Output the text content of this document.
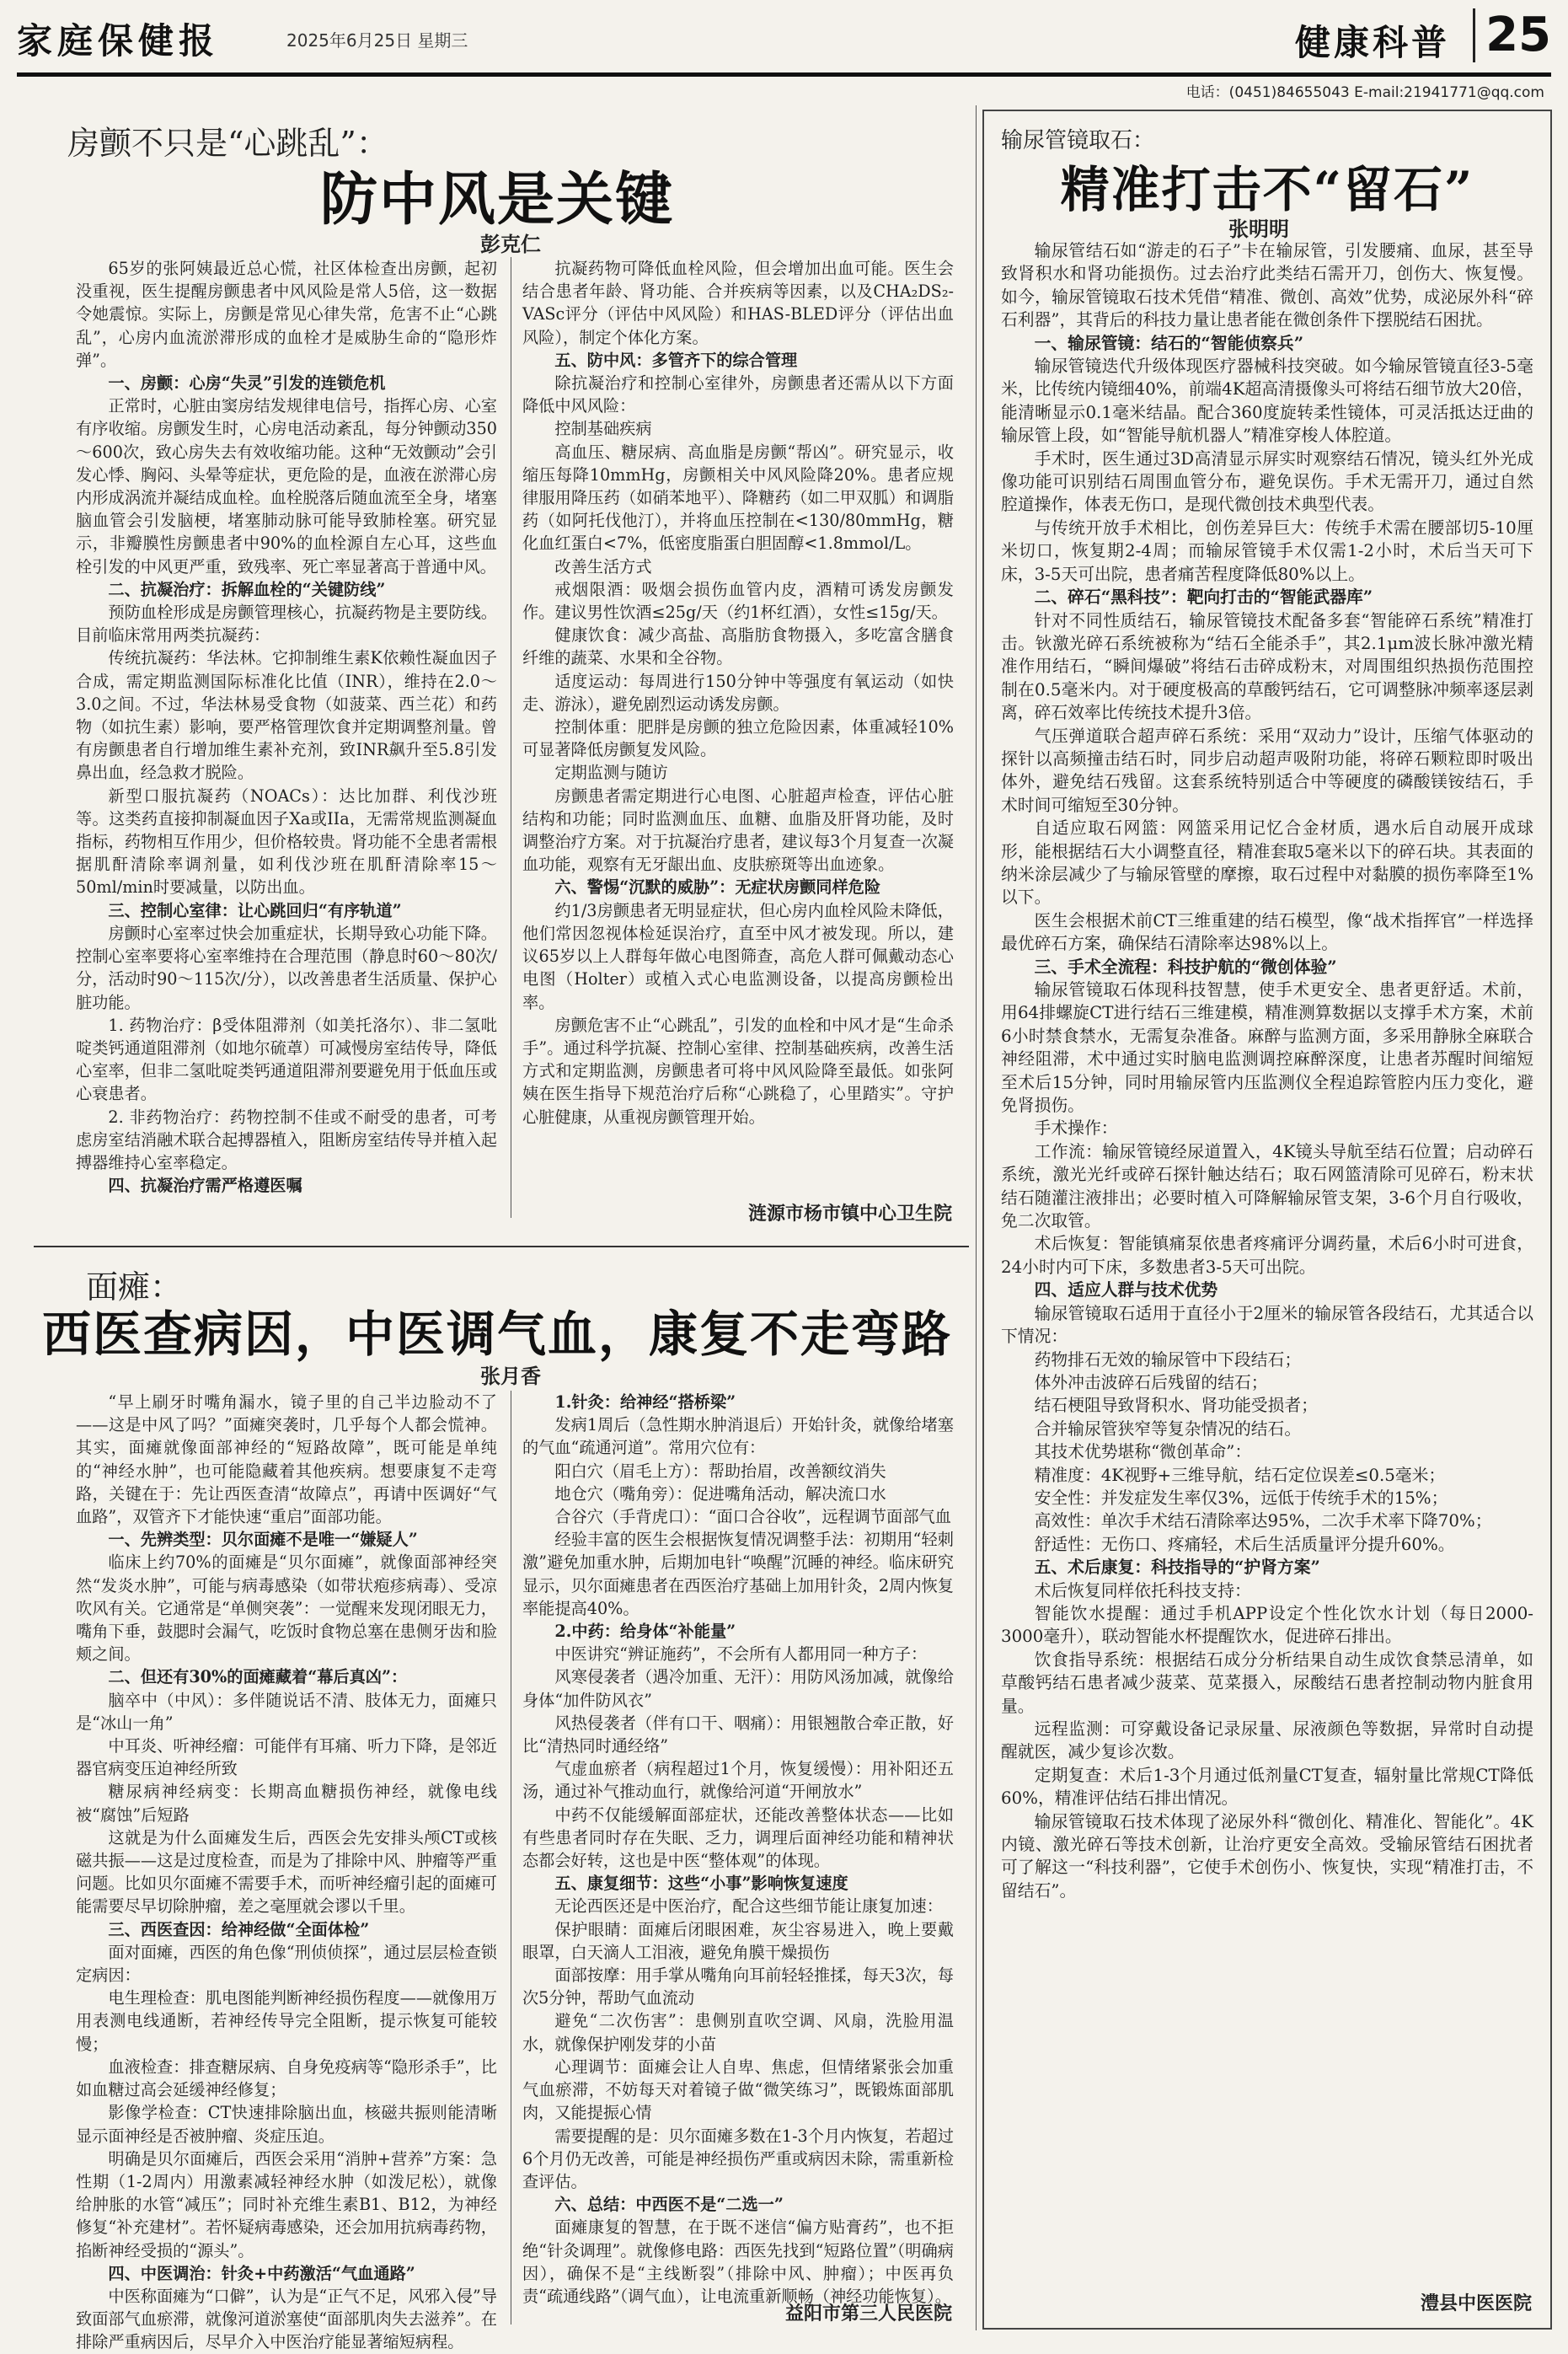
家庭保健报	2025年6月25日 星期三	健康科普 25
电话：(0451)84655043 E-mail:21941771@qq.com
房颤不只是“心跳乱”：
防中风是关键
彭克仁

65岁的张阿姨最近总心慌，社区体检查出房颤，起初没重视，医生提醒房颤患者中风风险是常人5倍，这一数据令她震惊。实际上，房颤是常见心律失常，危害不止“心跳乱”，心房内血流淤滞形成的血栓才是威胁生命的“隐形炸弹”。

一、房颤：心房“失灵”引发的连锁危机

正常时，心脏由窦房结发规律电信号，指挥心房、心室有序收缩。房颤发生时，心房电活动紊乱，每分钟颤动350～600次，致心房失去有效收缩功能。这种“无效颤动”会引发心悸、胸闷、头晕等症状，更危险的是，血液在淤滞心房内形成涡流并凝结成血栓。血栓脱落后随血流至全身，堵塞脑血管会引发脑梗，堵塞肺动脉可能导致肺栓塞。研究显示，非瓣膜性房颤患者中90%的血栓源自左心耳，这些血栓引发的中风更严重，致残率、死亡率显著高于普通中风。

二、抗凝治疗：拆解血栓的“关键防线”

预防血栓形成是房颤管理核心，抗凝药物是主要防线。目前临床常用两类抗凝药：

传统抗凝药：华法林。它抑制维生素K依赖性凝血因子合成，需定期监测国际标准化比值（INR），维持在2.0～3.0之间。不过，华法林易受食物（如菠菜、西兰花）和药物（如抗生素）影响，要严格管理饮食并定期调整剂量。曾有房颤患者自行增加维生素补充剂，致INR飙升至5.8引发鼻出血，经急救才脱险。

新型口服抗凝药（NOACs）：达比加群、利伐沙班等。这类药直接抑制凝血因子Xa或IIa，无需常规监测凝血指标，药物相互作用少，但价格较贵。肾功能不全患者需根据肌酐清除率调剂量，如利伐沙班在肌酐清除率15～50ml/min时要减量，以防出血。

三、控制心室律：让心跳回归“有序轨道”

房颤时心室率过快会加重症状，长期导致心功能下降。控制心室率要将心室率维持在合理范围（静息时60～80次/分，活动时90～115次/分），以改善患者生活质量、保护心脏功能。

1. 药物治疗：β受体阻滞剂（如美托洛尔）、非二氢吡啶类钙通道阻滞剂（如地尔硫䓬）可减慢房室结传导，降低心室率，但非二氢吡啶类钙通道阻滞剂要避免用于低血压或心衰患者。

2. 非药物治疗：药物控制不佳或不耐受的患者，可考虑房室结消融术联合起搏器植入，阻断房室结传导并植入起搏器维持心室率稳定。

四、抗凝治疗需严格遵医嘱

抗凝药物可降低血栓风险，但会增加出血可能。医生会结合患者年龄、肾功能、合并疾病等因素，以及CHA₂DS₂-VASc评分（评估中风风险）和HAS-BLED评分（评估出血风险），制定个体化方案。

五、防中风：多管齐下的综合管理

除抗凝治疗和控制心室律外，房颤患者还需从以下方面降低中风风险：

控制基础疾病

高血压、糖尿病、高血脂是房颤“帮凶”。研究显示，收缩压每降10mmHg，房颤相关中风风险降20%。患者应规律服用降压药（如硝苯地平）、降糖药（如二甲双胍）和调脂药（如阿托伐他汀），并将血压控制在<130/80mmHg，糖化血红蛋白<7%，低密度脂蛋白胆固醇<1.8mmol/L。

改善生活方式

戒烟限酒：吸烟会损伤血管内皮，酒精可诱发房颤发作。建议男性饮酒≤25g/天（约1杯红酒），女性≤15g/天。

健康饮食：减少高盐、高脂肪食物摄入，多吃富含膳食纤维的蔬菜、水果和全谷物。

适度运动：每周进行150分钟中等强度有氧运动（如快走、游泳），避免剧烈运动诱发房颤。

控制体重：肥胖是房颤的独立危险因素，体重减轻10%可显著降低房颤复发风险。

定期监测与随访

房颤患者需定期进行心电图、心脏超声检查，评估心脏结构和功能；同时监测血压、血糖、血脂及肝肾功能，及时调整治疗方案。对于抗凝治疗患者，建议每3个月复查一次凝血功能，观察有无牙龈出血、皮肤瘀斑等出血迹象。

六、警惕“沉默的威胁”：无症状房颤同样危险

约1/3房颤患者无明显症状，但心房内血栓风险未降低，他们常因忽视体检延误治疗，直至中风才被发现。所以，建议65岁以上人群每年做心电图筛查，高危人群可佩戴动态心电图（Holter）或植入式心电监测设备，以提高房颤检出率。

房颤危害不止“心跳乱”，引发的血栓和中风才是“生命杀手”。通过科学抗凝、控制心室律、控制基础疾病，改善生活方式和定期监测，房颤患者可将中风风险降至最低。如张阿姨在医生指导下规范治疗后称“心跳稳了，心里踏实”。守护心脏健康，从重视房颤管理开始。

涟源市杨市镇中心卫生院
面瘫：
西医查病因，中医调气血，康复不走弯路
张月香

“早上刷牙时嘴角漏水，镜子里的自己半边脸动不了——这是中风了吗？”面瘫突袭时，几乎每个人都会慌神。其实，面瘫就像面部神经的“短路故障”，既可能是单纯的“神经水肿”，也可能隐藏着其他疾病。想要康复不走弯路，关键在于：先让西医查清“故障点”，再请中医调好“气血路”，双管齐下才能快速“重启”面部功能。

一、先辨类型：贝尔面瘫不是唯一“嫌疑人”

临床上约70%的面瘫是“贝尔面瘫”，就像面部神经突然“发炎水肿”，可能与病毒感染（如带状疱疹病毒）、受凉吹风有关。它通常是“单侧突袭”：一觉醒来发现闭眼无力，嘴角下垂，鼓腮时会漏气，吃饭时食物总塞在患侧牙齿和脸颊之间。

二、但还有30%的面瘫藏着“幕后真凶”：

脑卒中（中风）：多伴随说话不清、肢体无力，面瘫只是“冰山一角”

中耳炎、听神经瘤：可能伴有耳痛、听力下降，是邻近器官病变压迫神经所致

糖尿病神经病变：长期高血糖损伤神经，就像电线被“腐蚀”后短路

这就是为什么面瘫发生后，西医会先安排头颅CT或核磁共振——这是过度检查，而是为了排除中风、肿瘤等严重问题。比如贝尔面瘫不需要手术，而听神经瘤引起的面瘫可能需要尽早切除肿瘤，差之毫厘就会谬以千里。

三、西医查因：给神经做“全面体检”

面对面瘫，西医的角色像“刑侦侦探”，通过层层检查锁定病因：

电生理检查：肌电图能判断神经损伤程度——就像用万用表测电线通断，若神经传导完全阻断，提示恢复可能较慢；

血液检查：排查糖尿病、自身免疫病等“隐形杀手”，比如血糖过高会延缓神经修复；

影像学检查：CT快速排除脑出血，核磁共振则能清晰显示面神经是否被肿瘤、炎症压迫。

明确是贝尔面瘫后，西医会采用“消肿+营养”方案：急性期（1-2周内）用激素减轻神经水肿（如泼尼松），就像给肿胀的水管“减压”；同时补充维生素B1、B12，为神经修复“补充建材”。若怀疑病毒感染，还会加用抗病毒药物，掐断神经受损的“源头”。

四、中医调治：针灸+中药激活“气血通路”

中医称面瘫为“口僻”，认为是“正气不足，风邪入侵”导致面部气血瘀滞，就像河道淤塞使“面部肌肉失去滋养”。在排除严重病因后，尽早介入中医治疗能显著缩短病程。

1.针灸：给神经“搭桥梁”

发病1周后（急性期水肿消退后）开始针灸，就像给堵塞的气血“疏通河道”。常用穴位有：

阳白穴（眉毛上方）：帮助抬眉，改善额纹消失

地仓穴（嘴角旁）：促进嘴角活动，解决流口水

合谷穴（手背虎口）：“面口合谷收”，远程调节面部气血

经验丰富的医生会根据恢复情况调整手法：初期用“轻刺激”避免加重水肿，后期加电针“唤醒”沉睡的神经。临床研究显示，贝尔面瘫患者在西医治疗基础上加用针灸，2周内恢复率能提高40%。

2.中药：给身体“补能量”

中医讲究“辨证施药”，不会所有人都用同一种方子：

风寒侵袭者（遇冷加重、无汗）：用防风汤加减，就像给身体“加件防风衣”

风热侵袭者（伴有口干、咽痛）：用银翘散合牵正散，好比“清热同时通经络”

气虚血瘀者（病程超过1个月，恢复缓慢）：用补阳还五汤，通过补气推动血行，就像给河道“开闸放水”

中药不仅能缓解面部症状，还能改善整体状态——比如有些患者同时存在失眠、乏力，调理后面神经功能和精神状态都会好转，这也是中医“整体观”的体现。

五、康复细节：这些“小事”影响恢复速度

无论西医还是中医治疗，配合这些细节能让康复加速：

保护眼睛：面瘫后闭眼困难，灰尘容易进入，晚上要戴眼罩，白天滴人工泪液，避免角膜干燥损伤

面部按摩：用手掌从嘴角向耳前轻轻推揉，每天3次，每次5分钟，帮助气血流动

避免“二次伤害”：患侧别直吹空调、风扇，洗脸用温水，就像保护刚发芽的小苗

心理调节：面瘫会让人自卑、焦虑，但情绪紧张会加重气血瘀滞，不妨每天对着镜子做“微笑练习”，既锻炼面部肌肉，又能提振心情

需要提醒的是：贝尔面瘫多数在1-3个月内恢复，若超过6个月仍无改善，可能是神经损伤严重或病因未除，需重新检查评估。

六、总结：中西医不是“二选一”

面瘫康复的智慧，在于既不迷信“偏方贴膏药”，也不拒绝“针灸调理”。就像修电路：西医先找到“短路位置”（明确病因），确保不是“主线断裂”（排除中风、肿瘤）；中医再负责“疏通线路”（调气血），让电流重新顺畅（神经功能恢复）。

益阳市第三人民医院
输尿管镜取石：
精准打击不“留石”
张明明

输尿管结石如“游走的石子”卡在输尿管，引发腰痛、血尿，甚至导致肾积水和肾功能损伤。过去治疗此类结石需开刀，创伤大、恢复慢。如今，输尿管镜取石技术凭借“精准、微创、高效”优势，成泌尿外科“碎石利器”，其背后的科技力量让患者能在微创条件下摆脱结石困扰。

一、输尿管镜：结石的“智能侦察兵”

输尿管镜迭代升级体现医疗器械科技突破。如今输尿管镜直径3-5毫米，比传统内镜细40%，前端4K超高清摄像头可将结石细节放大20倍，能清晰显示0.1毫米结晶。配合360度旋转柔性镜体，可灵活抵达迂曲的输尿管上段，如“智能导航机器人”精准穿梭人体腔道。

手术时，医生通过3D高清显示屏实时观察结石情况，镜头红外光成像功能可识别结石周围血管分布，避免误伤。手术无需开刀，通过自然腔道操作，体表无伤口，是现代微创技术典型代表。

与传统开放手术相比，创伤差异巨大：传统手术需在腰部切5-10厘米切口，恢复期2-4周；而输尿管镜手术仅需1-2小时，术后当天可下床，3-5天可出院，患者痛苦程度降低80%以上。

二、碎石“黑科技”：靶向打击的“智能武器库”

针对不同性质结石，输尿管镜技术配备多套“智能碎石系统”精准打击。钬激光碎石系统被称为“结石全能杀手”，其2.1μm波长脉冲激光精准作用结石，“瞬间爆破”将结石击碎成粉末，对周围组织热损伤范围控制在0.5毫米内。对于硬度极高的草酸钙结石，它可调整脉冲频率逐层剥离，碎石效率比传统技术提升3倍。

气压弹道联合超声碎石系统：采用“双动力”设计，压缩气体驱动的探针以高频撞击结石时，同步启动超声吸附功能，将碎石颗粒即时吸出体外，避免结石残留。这套系统特别适合中等硬度的磷酸镁铵结石，手术时间可缩短至30分钟。

自适应取石网篮：网篮采用记忆合金材质，遇水后自动展开成球形，能根据结石大小调整直径，精准套取5毫米以下的碎石块。其表面的纳米涂层减少了与输尿管壁的摩擦，取石过程中对黏膜的损伤率降至1%以下。

医生会根据术前CT三维重建的结石模型，像“战术指挥官”一样选择最优碎石方案，确保结石清除率达98%以上。

三、手术全流程：科技护航的“微创体验”

输尿管镜取石体现科技智慧，使手术更安全、患者更舒适。术前，用64排螺旋CT进行结石三维建模，精准测算数据以支撑手术方案，术前6小时禁食禁水，无需复杂准备。麻醉与监测方面，多采用静脉全麻联合神经阻滞，术中通过实时脑电监测调控麻醉深度，让患者苏醒时间缩短至术后15分钟，同时用输尿管内压监测仪全程追踪管腔内压力变化，避免肾损伤。

手术操作：

工作流：输尿管镜经尿道置入，4K镜头导航至结石位置；启动碎石系统，激光光纤或碎石探针触达结石；取石网篮清除可见碎石，粉末状结石随灌注液排出；必要时植入可降解输尿管支架，3-6个月自行吸收，免二次取管。

术后恢复：智能镇痛泵依患者疼痛评分调药量，术后6小时可进食，24小时内可下床，多数患者3-5天可出院。

四、适应人群与技术优势

输尿管镜取石适用于直径小于2厘米的输尿管各段结石，尤其适合以下情况：

药物排石无效的输尿管中下段结石；

体外冲击波碎石后残留的结石；

结石梗阻导致肾积水、肾功能受损者；

合并输尿管狭窄等复杂情况的结石。

其技术优势堪称“微创革命”：

精准度：4K视野+三维导航，结石定位误差≤0.5毫米；

安全性：并发症发生率仅3%，远低于传统手术的15%；

高效性：单次手术结石清除率达95%，二次手术率下降70%；

舒适性：无伤口、疼痛轻，术后生活质量评分提升60%。

五、术后康复：科技指导的“护肾方案”

术后恢复同样依托科技支持：

智能饮水提醒：通过手机APP设定个性化饮水计划（每日2000-3000毫升），联动智能水杯提醒饮水，促进碎石排出。

饮食指导系统：根据结石成分分析结果自动生成饮食禁忌清单，如草酸钙结石患者减少菠菜、苋菜摄入，尿酸结石患者控制动物内脏食用量。

远程监测：可穿戴设备记录尿量、尿液颜色等数据，异常时自动提醒就医，减少复诊次数。

定期复查：术后1-3个月通过低剂量CT复查，辐射量比常规CT降低60%，精准评估结石排出情况。

输尿管镜取石技术体现了泌尿外科“微创化、精准化、智能化”。4K内镜、激光碎石等技术创新，让治疗更安全高效。受输尿管结石困扰者可了解这一“科技利器”，它使手术创伤小、恢复快，实现“精准打击，不留结石”。

澧县中医医院
